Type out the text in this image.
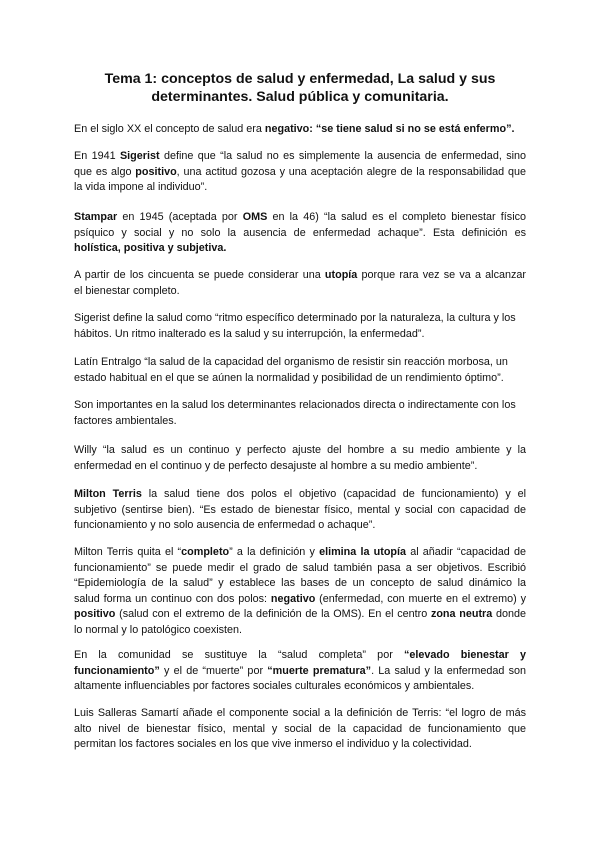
Tema 1: conceptos de salud y enfermedad, La salud y sus
determinantes. Salud pública y comunitaria.
En el siglo XX el concepto de salud era negativo: “se tiene salud si no se está enfermo”.
En 1941 Sigerist define que “la salud no es simplemente la ausencia de enfermedad, sino
que es algo positivo, una actitud gozosa y una aceptación alegre de la responsabilidad que
la vida impone al individuo”.
Stampar en 1945 (aceptada por OMS en la 46) “la salud es el completo bienestar físico
psíquico y social y no solo la ausencia de enfermedad achaque”. Esta definición es
holística, positiva y subjetiva.
A partir de los cincuenta se puede considerar una utopía porque rara vez se va a alcanzar
el bienestar completo.
Sigerist define la salud como “ritmo específico determinado por la naturaleza, la cultura y los
hábitos. Un ritmo inalterado es la salud y su interrupción, la enfermedad”.
Latín Entralgo “la salud de la capacidad del organismo de resistir sin reacción morbosa, un
estado habitual en el que se aúnen la normalidad y posibilidad de un rendimiento óptimo”.
Son importantes en la salud los determinantes relacionados directa o indirectamente con los
factores ambientales.
Willy “la salud es un continuo y perfecto ajuste del hombre a su medio ambiente y la
enfermedad en el continuo y de perfecto desajuste al hombre a su medio ambiente”.
Milton Terris la salud tiene dos polos el objetivo (capacidad de funcionamiento) y el
subjetivo (sentirse bien). “Es estado de bienestar físico, mental y social con capacidad de
funcionamiento y no solo ausencia de enfermedad o achaque”.
Milton Terris quita el “completo” a la definición y elimina la utopía al añadir “capacidad de
funcionamiento” se puede medir el grado de salud también pasa a ser objetivos. Escribió
“Epidemiología de la salud” y establece las bases de un concepto de salud dinámico la
salud forma un continuo con dos polos: negativo (enfermedad, con muerte en el extremo) y
positivo (salud con el extremo de la definición de la OMS). En el centro zona neutra donde
lo normal y lo patológico coexisten.
En la comunidad se sustituye la “salud completa” por “elevado bienestar y
funcionamiento” y el de “muerte” por “muerte prematura”. La salud y la enfermedad son
altamente influenciables por factores sociales culturales económicos y ambientales.
Luis Salleras Samartí añade el componente social a la definición de Terris: “el logro de más
alto nivel de bienestar físico, mental y social de la capacidad de funcionamiento que
permitan los factores sociales en los que vive inmerso el individuo y la colectividad.
